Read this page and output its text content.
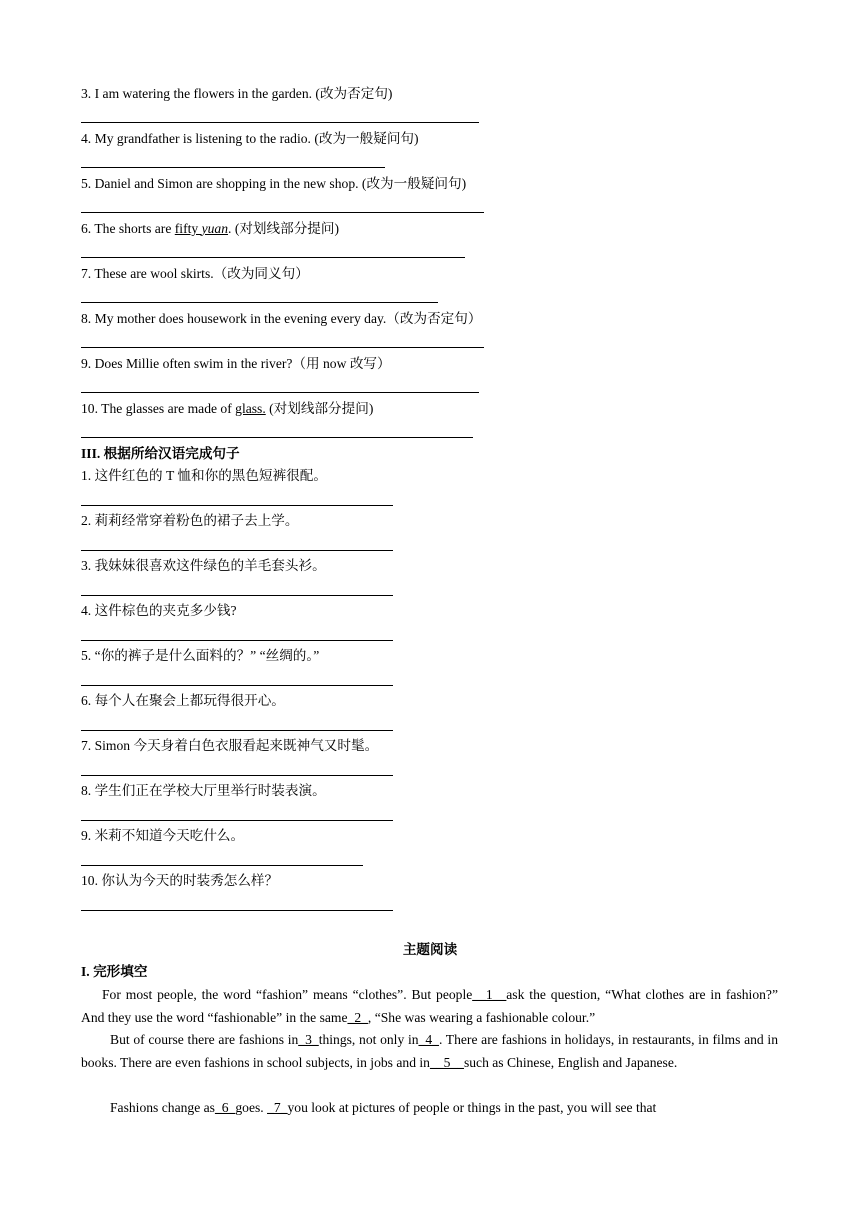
3. I am watering the flowers in the garden. (改为否定句)
4. My grandfather is listening to the radio. (改为一般疑问句)
5. Daniel and Simon are shopping in the new shop. (改为一般疑问句)
6. The shorts are fifty yuan. (对划线部分提问)
7. These are wool skirts.（改为同义句）
8. My mother does housework in the evening every day.（改为否定句）
9. Does Millie often swim in the river?（用 now 改写）
10. The glasses are made of glass. (对划线部分提问)
III. 根据所给汉语完成句子
1. 这件红色的 T 恤和你的黑色短裤很配。
2. 莉莉经常穿着粉色的裙子去上学。
3. 我妹妹很喜欢这件绿色的羊毛套头衫。
4. 这件棕色的夹克多少钱?
5. “你的裤子是什么面料的？” “丝绸的。”
6. 每个人在聚会上都玩得很开心。
7. Simon 今天身着白色衣服看起来既神气又时髦。
8. 学生们正在学校大厅里举行时装表演。
9. 米莉不知道今天吃什么。
10. 你认为今天的时装秀怎么样？
主题阅读
I. 完形填空
For most people, the word “fashion” means “clothes”. But people__1__ask the question, “What clothes are in fashion?” And they use the word “fashionable” in the same_2_, “She was wearing a fashionable colour.”
But of course there are fashions in_3_things, not only in_4_. There are fashions in holidays, in restaurants, in films and in books. There are even fashions in school subjects, in jobs and in__5__such as Chinese, English and Japanese.
Fashions change as_6_goes. _7_you look at pictures of people or things in the past, you will see that
